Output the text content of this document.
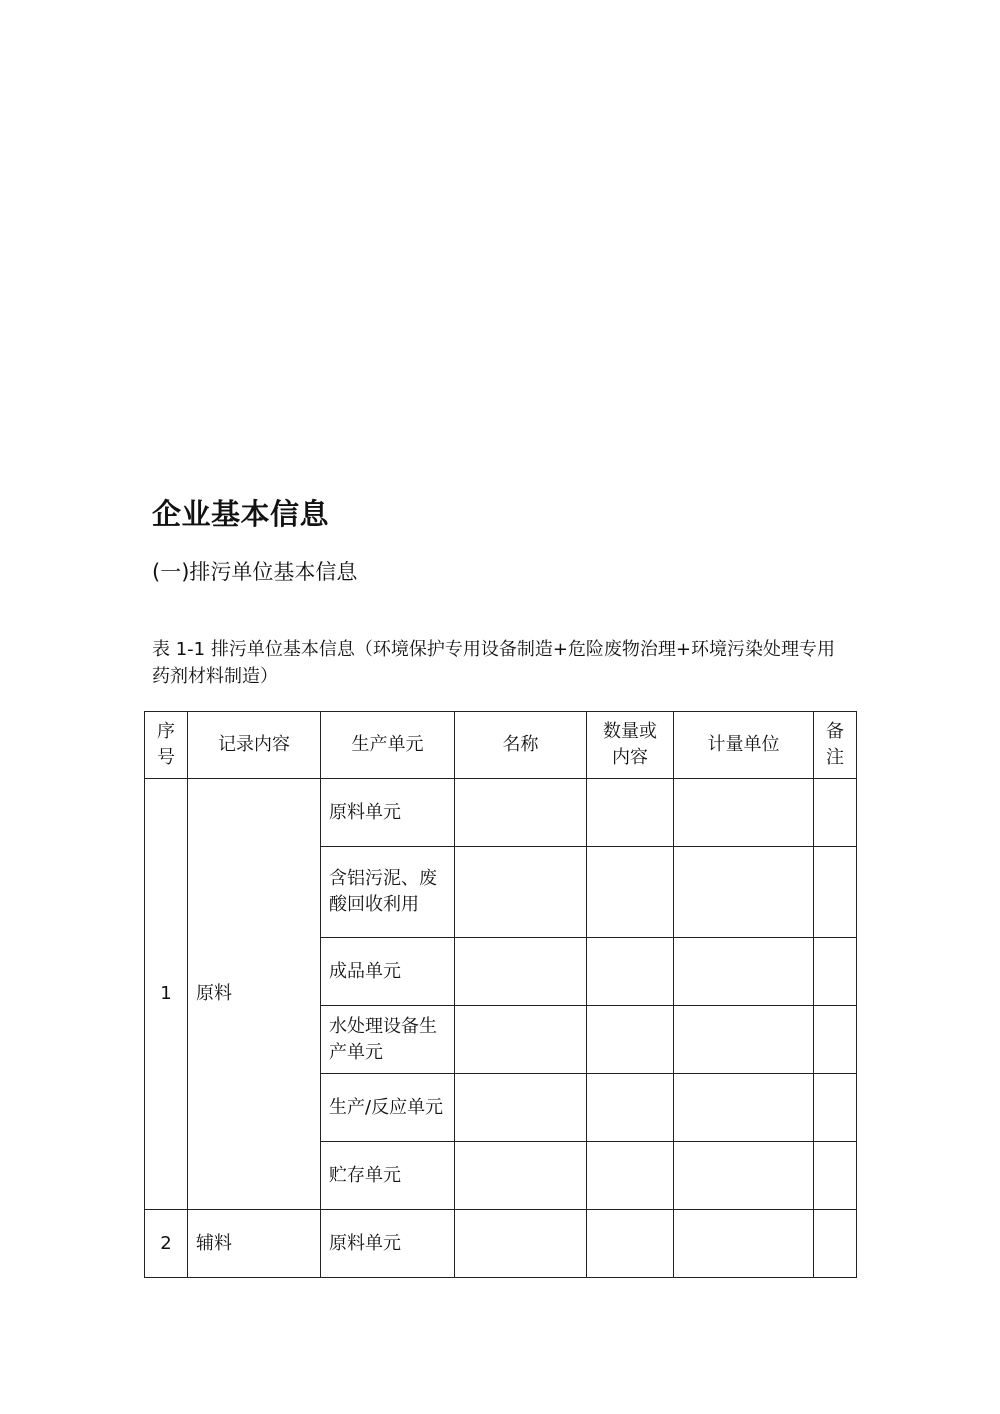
企业基本信息
(一)排污单位基本信息
表 1-1 排污单位基本信息（环境保护专用设备制造+危险废物治理+环境污染处理专用药剂材料制造）
序号	记录内容	生产单元	名称	数量或内容	计量单位	备注
1	原料	原料单元				
		含铝污泥、废酸回收利用				
		成品单元				
		水处理设备生产单元				
		生产/反应单元				
		贮存单元				
2	辅料	原料单元				
